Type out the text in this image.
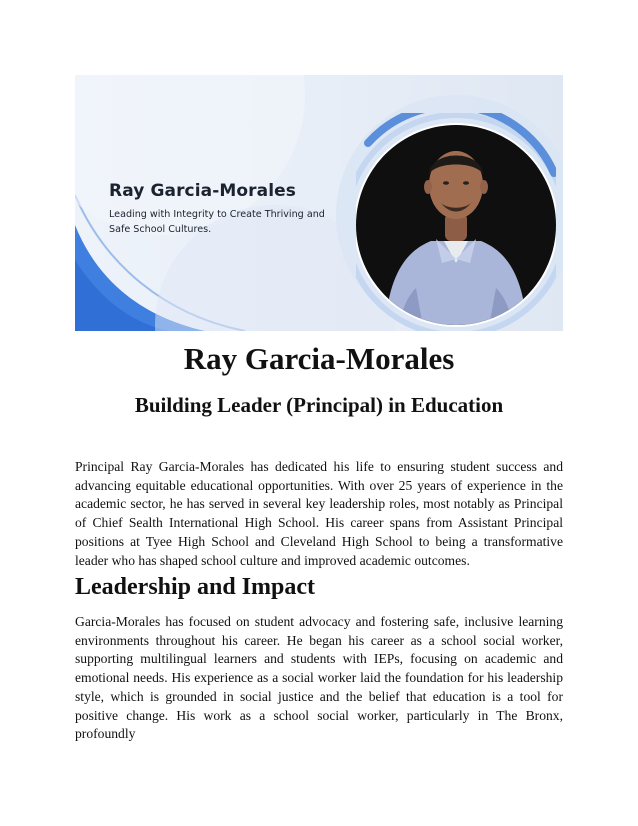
Ray Garcia-Morales
Leading with Integrity to Create Thriving and Safe School Cultures.
Ray Garcia-Morales
Building Leader (Principal) in Education

Principal Ray Garcia-Morales has dedicated his life to ensuring student success and advancing equitable educational opportunities. With over 25 years of experience in the academic sector, he has served in several key leadership roles, most notably as Principal of Chief Sealth International High School. His career spans from Assistant Principal positions at Tyee High School and Cleveland High School to being a transformative leader who has shaped school culture and improved academic outcomes.

Leadership and Impact

Garcia-Morales has focused on student advocacy and fostering safe, inclusive learning environments throughout his career. He began his career as a school social worker, supporting multilingual learners and students with IEPs, focusing on academic and emotional needs. His experience as a social worker laid the foundation for his leadership style, which is grounded in social justice and the belief that education is a tool for positive change. His work as a school social worker, particularly in The Bronx, profoundly
